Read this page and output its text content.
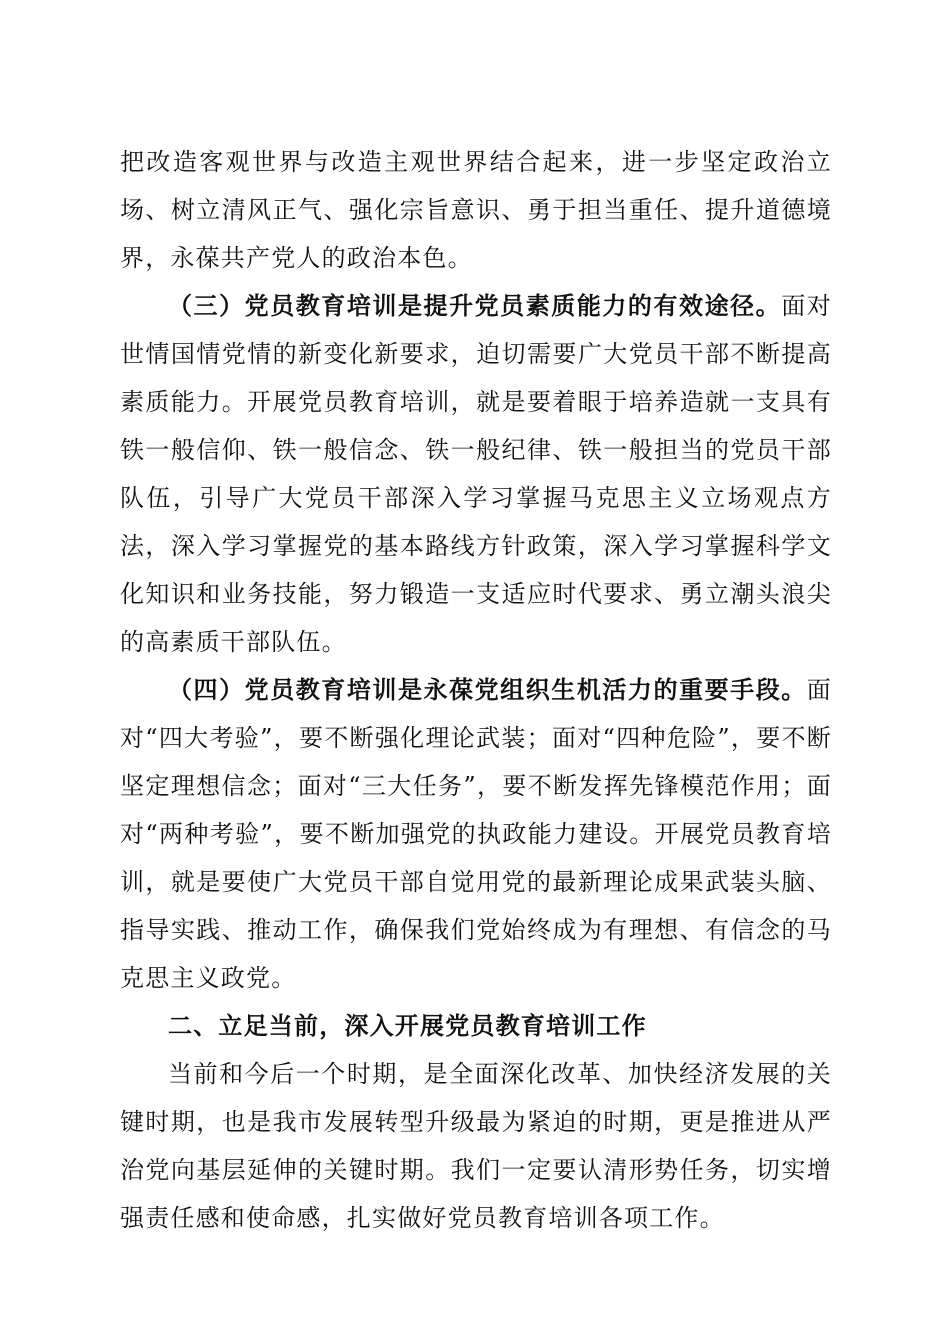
把改造客观世界与改造主观世界结合起来，进一步坚定政治立场、树立清风正气、强化宗旨意识、勇于担当重任、提升道德境界，永葆共产党人的政治本色。

（三）党员教育培训是提升党员素质能力的有效途径。面对世情国情党情的新变化新要求，迫切需要广大党员干部不断提高素质能力。开展党员教育培训，就是要着眼于培养造就一支具有铁一般信仰、铁一般信念、铁一般纪律、铁一般担当的党员干部队伍，引导广大党员干部深入学习掌握马克思主义立场观点方法，深入学习掌握党的基本路线方针政策，深入学习掌握科学文化知识和业务技能，努力锻造一支适应时代要求、勇立潮头浪尖的高素质干部队伍。

（四）党员教育培训是永葆党组织生机活力的重要手段。面对“四大考验”，要不断强化理论武装；面对“四种危险”，要不断坚定理想信念；面对“三大任务”，要不断发挥先锋模范作用；面对“两种考验”，要不断加强党的执政能力建设。开展党员教育培训，就是要使广大党员干部自觉用党的最新理论成果武装头脑、指导实践、推动工作，确保我们党始终成为有理想、有信念的马克思主义政党。

二、立足当前，深入开展党员教育培训工作

当前和今后一个时期，是全面深化改革、加快经济发展的关键时期，也是我市发展转型升级最为紧迫的时期，更是推进从严治党向基层延伸的关键时期。我们一定要认清形势任务，切实增强责任感和使命感，扎实做好党员教育培训各项工作。
